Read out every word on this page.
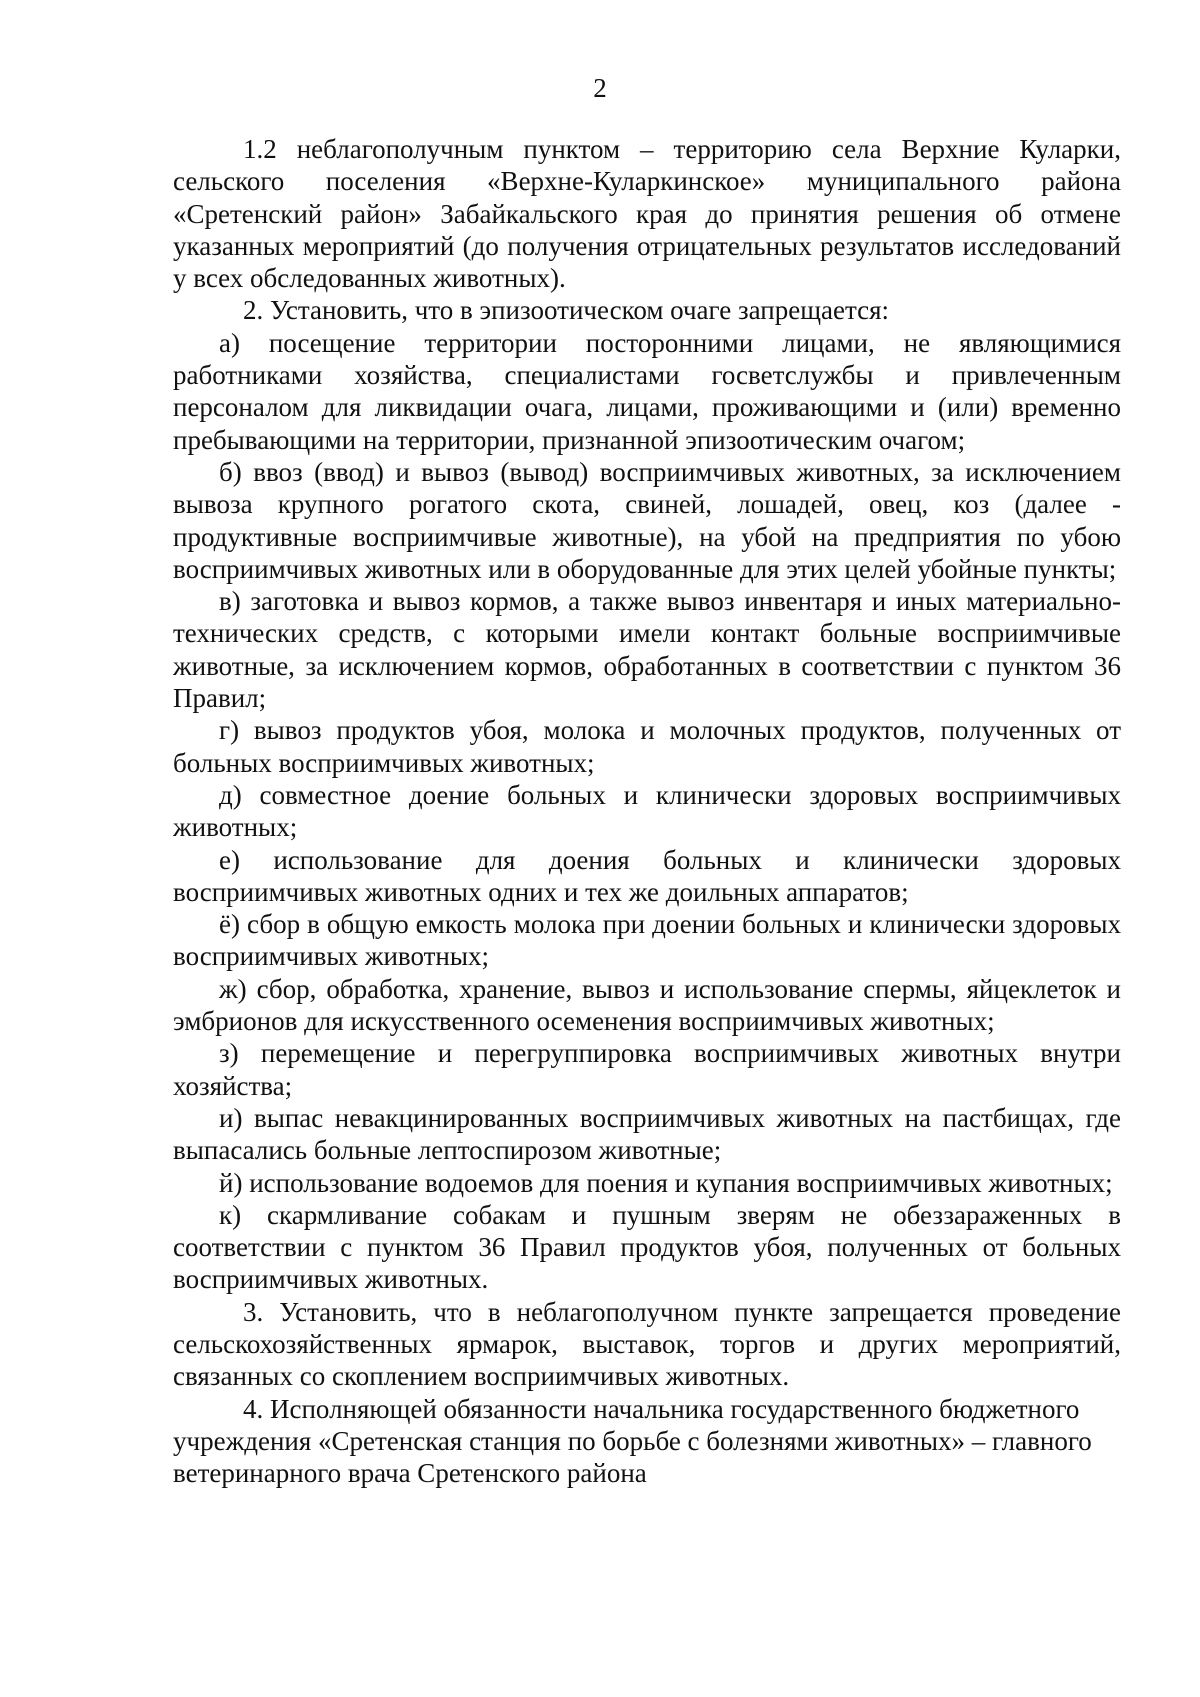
2

1.2 неблагополучным пунктом – территорию села Верхние Куларки, сельского поселения «Верхне-Куларкинское» муниципального района «Сретенский район» Забайкальского края до принятия решения об отмене указанных мероприятий (до получения отрицательных результатов исследований у всех обследованных животных).

2. Установить, что в эпизоотическом очаге запрещается:

а) посещение территории посторонними лицами, не являющимися работниками хозяйства, специалистами госветслужбы и привлеченным персоналом для ликвидации очага, лицами, проживающими и (или) временно пребывающими на территории, признанной эпизоотическим очагом;

б) ввоз (ввод) и вывоз (вывод) восприимчивых животных, за исключением вывоза крупного рогатого скота, свиней, лошадей, овец, коз (далее - продуктивные восприимчивые животные), на убой на предприятия по убою восприимчивых животных или в оборудованные для этих целей убойные пункты;

в) заготовка и вывоз кормов, а также вывоз инвентаря и иных материально-технических средств, с которыми имели контакт больные восприимчивые животные, за исключением кормов, обработанных в соответствии с пунктом 36 Правил;

г) вывоз продуктов убоя, молока и молочных продуктов, полученных от больных восприимчивых животных;

д) совместное доение больных и клинически здоровых восприимчивых животных;

е) использование для доения больных и клинически здоровых восприимчивых животных одних и тех же доильных аппаратов;

ё) сбор в общую емкость молока при доении больных и клинически здоровых восприимчивых животных;

ж) сбор, обработка, хранение, вывоз и использование спермы, яйцеклеток и эмбрионов для искусственного осеменения восприимчивых животных;

з) перемещение и перегруппировка восприимчивых животных внутри хозяйства;

и) выпас невакцинированных восприимчивых животных на пастбищах, где выпасались больные лептоспирозом животные;

й) использование водоемов для поения и купания восприимчивых животных;

к) скармливание собакам и пушным зверям не обеззараженных в соответствии с пунктом 36 Правил продуктов убоя, полученных от больных восприимчивых животных.

3. Установить, что в неблагополучном пункте запрещается проведение сельскохозяйственных ярмарок, выставок, торгов и других мероприятий, связанных со скоплением восприимчивых животных.

4. Исполняющей обязанности начальника государственного бюджетного учреждения «Сретенская станция по борьбе с болезнями животных» – главного ветеринарного врача Сретенского района
